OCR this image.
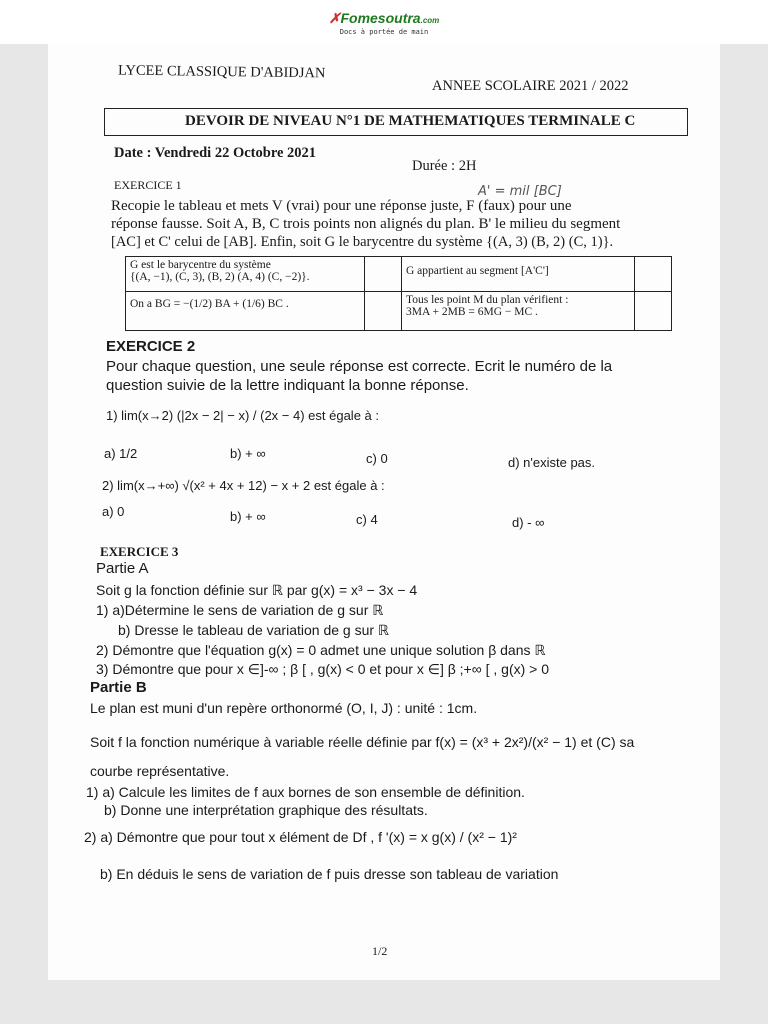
✗Fomesoutra.com
Docs à portée de main
LYCEE CLASSIQUE D'ABIDJAN
ANNEE SCOLAIRE 2021 / 2022
DEVOIR DE NIVEAU N°1 DE MATHEMATIQUES TERMINALE C
Date : Vendredi 22 Octobre 2021
Durée : 2H
A' = mil [BC]
EXERCICE 1
Recopie le tableau et mets V (vrai) pour une réponse juste, F (faux) pour une
réponse fausse. Soit A, B, C trois points non alignés du plan. B' le milieu du segment
[AC] et C' celui de [AB]. Enfin, soit G le barycentre du système {(A, 3) (B, 2) (C, 1)}.
G est le barycentre du système
{(A, −1), (C, 3), (B, 2) (A, 4) (C, −2)}.		G appartient au segment [A'C']	

On a BG = −(1/2) BA + (1/6) BC .		Tous les point M du plan vérifient :
3MA + 2MB = 6MG − MC .	

EXERCICE 2
Pour chaque question, une seule réponse est correcte. Ecrit le numéro de la
question suivie de la lettre indiquant la bonne réponse.
1) lim(x→2) (|2x − 2| − x) / (2x − 4) est égale à :
a) 1/2	b) + ∞	c) 0	d) n'existe pas.
2) lim(x→+∞) √(x² + 4x + 12) − x + 2 est égale à :
a) 0	b) + ∞	c) 4	d) - ∞
EXERCICE 3
Partie A
Soit g la fonction définie sur ℝ par g(x) = x³ − 3x − 4
1) a)Détermine le sens de variation de g sur ℝ
b) Dresse le tableau de variation de g sur ℝ
2) Démontre que l'équation g(x) = 0 admet une unique solution β dans ℝ
3) Démontre que pour x ∈]-∞ ; β [ , g(x) < 0 et pour x ∈] β ;+∞ [ , g(x) > 0
Partie B
Le plan est muni d'un repère orthonormé (O, I, J) : unité : 1cm.
Soit f la fonction numérique à variable réelle définie par f(x) = (x³ + 2x²)/(x² − 1) et (C) sa
courbe représentative.
1) a) Calcule les limites de f aux bornes de son ensemble de définition.
b) Donne une interprétation graphique des résultats.
2) a) Démontre que pour tout x élément de Df , f '(x) = x g(x) / (x² − 1)²
b) En déduis le sens de variation de f puis dresse son tableau de variation
1/2
